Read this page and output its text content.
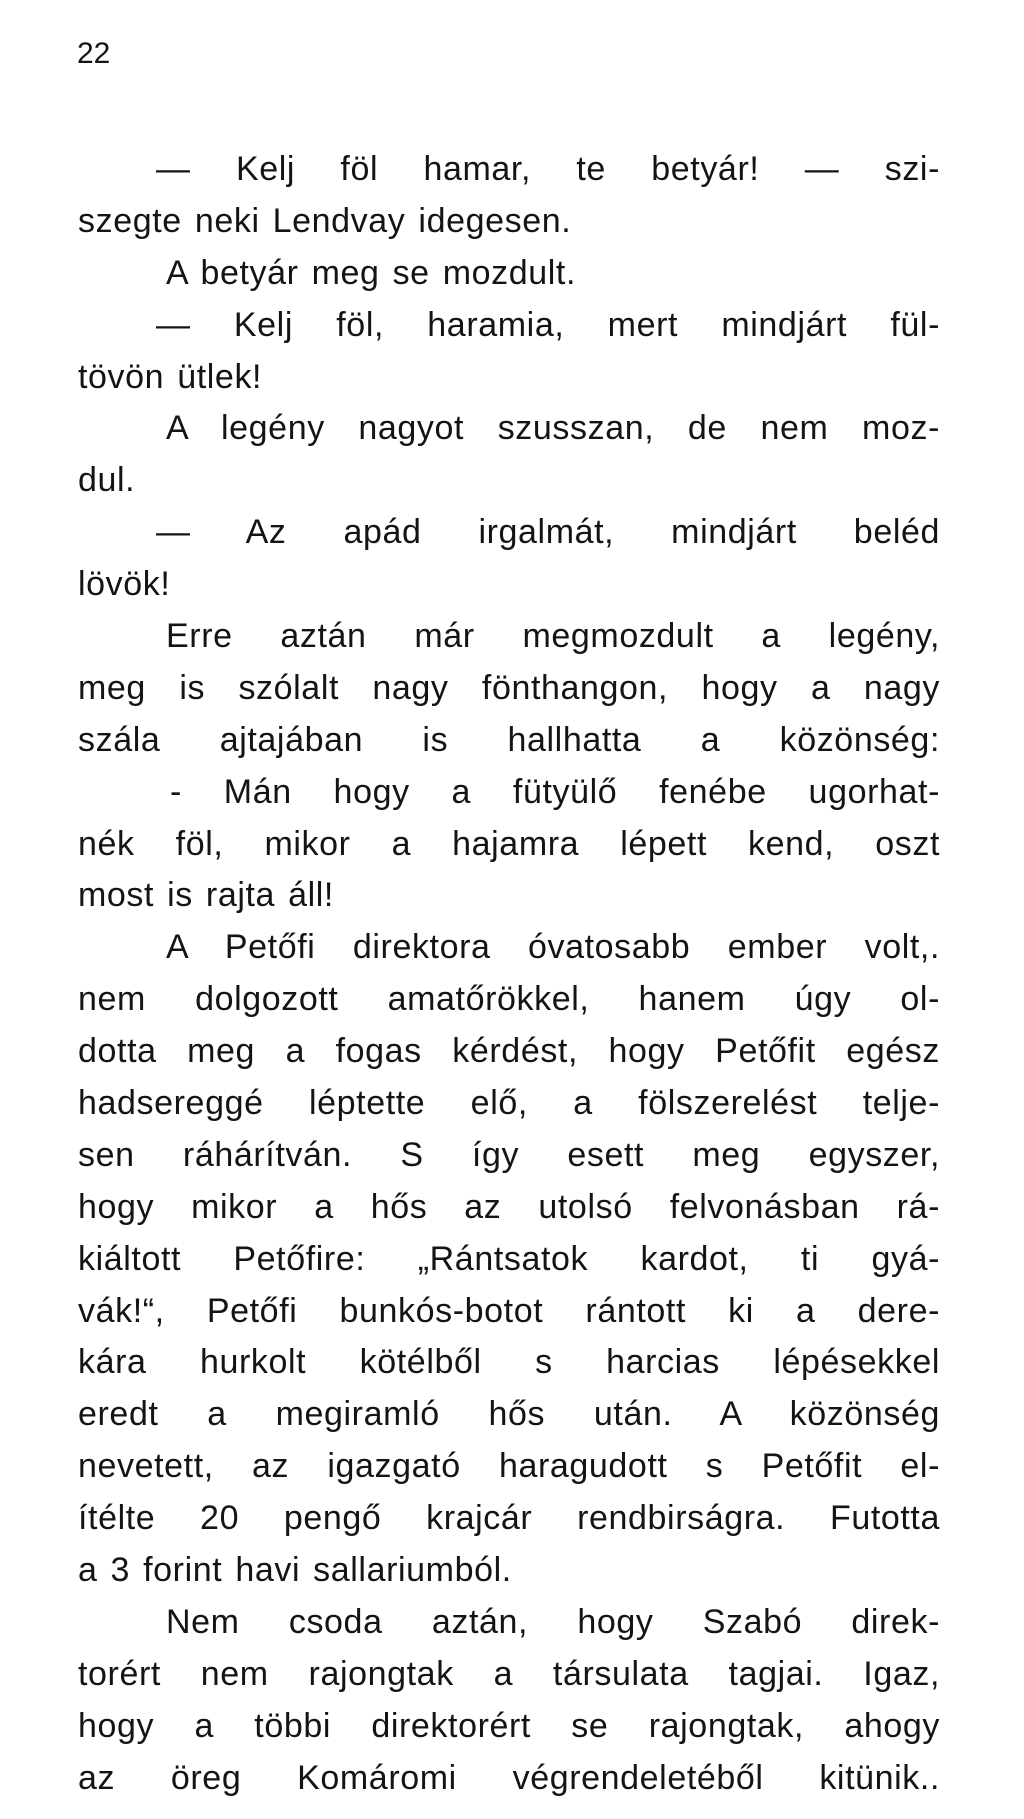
22
— Kelj föl hamar, te betyár! — szi-
szegte neki Lendvay idegesen.
A betyár meg se mozdult.
— Kelj föl, haramia, mert mindjárt fül-
tövön ütlek!
A legény nagyot szusszan, de nem moz-
dul.
— Az apád irgalmát, mindjárt beléd
lövök!
Erre aztán már megmozdult a legény,
meg is szólalt nagy fönthangon, hogy a nagy
szála ajtajában is hallhatta a közönség:
- Mán hogy a fütyülő fenébe ugorhat-
nék föl, mikor a hajamra lépett kend, oszt
most is rajta áll!
A Petőfi direktora óvatosabb ember volt,.
nem dolgozott amatőrökkel, hanem úgy ol-
dotta meg a fogas kérdést, hogy Petőfit egész
hadsereggé léptette elő, a fölszerelést telje-
sen ráhárítván. S így esett meg egyszer,
hogy mikor a hős az utolsó felvonásban rá-
kiáltott Petőfire: „Rántsatok kardot, ti gyá-
vák!“, Petőfi bunkós-botot rántott ki a dere-
kára hurkolt kötélből s harcias lépésekkel
eredt a megiramló hős után. A közönség
nevetett, az igazgató haragudott s Petőfit el-
ítélte 20 pengő krajcár rendbirságra. Futotta
a 3 forint havi sallariumból.
Nem csoda aztán, hogy Szabó direk-
torért nem rajongtak a társulata tagjai. Igaz,
hogy a többi direktorért se rajongtak, ahogy
az öreg Komáromi végrendeletéből kitünik..
